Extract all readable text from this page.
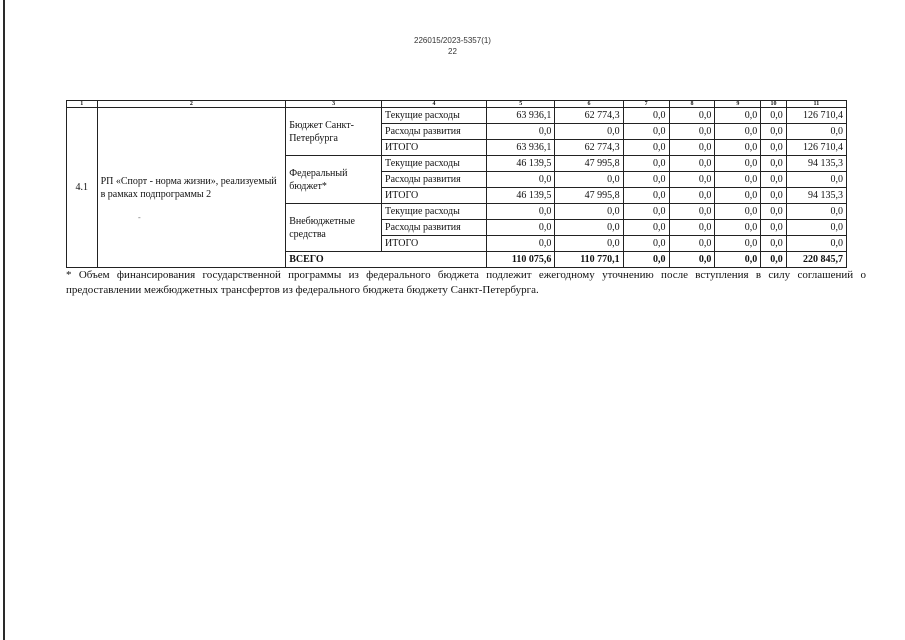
226015/2023-5357(1)
22
1	2	3	4	5	6	7	8	9	10	11
4.1	РП «Спорт - норма жизни», реализуемый в рамках подпрограммы 2	Бюджет Санкт-Петербурга	Текущие расходы	63 936,1	62 774,3	0,0	0,0	0,0	0,0	126 710,4
			Расходы развития	0,0	0,0	0,0	0,0	0,0	0,0	0,0
			ИТОГО	63 936,1	62 774,3	0,0	0,0	0,0	0,0	126 710,4
		Федеральный бюджет*	Текущие расходы	46 139,5	47 995,8	0,0	0,0	0,0	0,0	94 135,3
			Расходы развития	0,0	0,0	0,0	0,0	0,0	0,0	0,0
			ИТОГО	46 139,5	47 995,8	0,0	0,0	0,0	0,0	94 135,3
		Внебюджетные средства	Текущие расходы	0,0	0,0	0,0	0,0	0,0	0,0	0,0
			Расходы развития	0,0	0,0	0,0	0,0	0,0	0,0	0,0
			ИТОГО	0,0	0,0	0,0	0,0	0,0	0,0	0,0
		ВСЕГО		110 075,6	110 770,1	0,0	0,0	0,0	0,0	220 845,7
-
* Объем финансирования государственной программы из федерального бюджета подлежит ежегодному уточнению после вступления в силу соглашений о предоставлении межбюджетных трансфертов из федерального бюджета бюджету Санкт-Петербурга.
